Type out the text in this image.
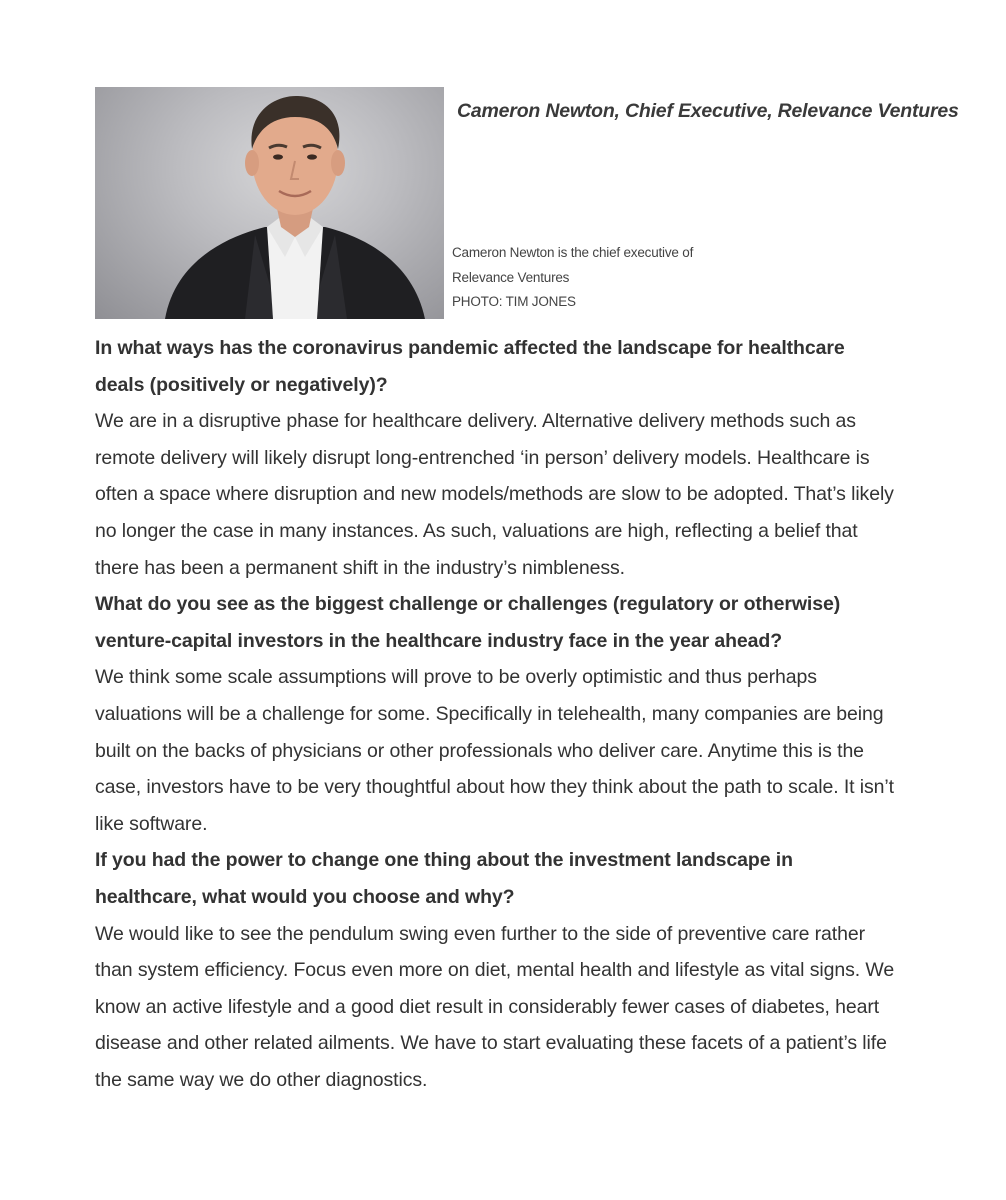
Cameron Newton, Chief Executive, Relevance Ventures
Cameron Newton is the chief executive of
Relevance Ventures
PHOTO: TIM JONES

In what ways has the coronavirus pandemic affected the landscape for healthcare deals (positively or negatively)?

We are in a disruptive phase for healthcare delivery. Alternative delivery methods such as remote delivery will likely disrupt long-entrenched ‘in person’ delivery models. Healthcare is often a space where disruption and new models/methods are slow to be adopted. That’s likely no longer the case in many instances. As such, valuations are high, reflecting a belief that there has been a permanent shift in the industry’s nimbleness.

What do you see as the biggest challenge or challenges (regulatory or otherwise) venture-capital investors in the healthcare industry face in the year ahead?

We think some scale assumptions will prove to be overly optimistic and thus perhaps valuations will be a challenge for some. Specifically in telehealth, many companies are being built on the backs of physicians or other professionals who deliver care. Anytime this is the case, investors have to be very thoughtful about how they think about the path to scale. It isn’t like software.

If you had the power to change one thing about the investment landscape in healthcare, what would you choose and why?

We would like to see the pendulum swing even further to the side of preventive care rather than system efficiency. Focus even more on diet, mental health and lifestyle as vital signs. We know an active lifestyle and a good diet result in considerably fewer cases of diabetes, heart disease and other related ailments. We have to start evaluating these facets of a patient’s life the same way we do other diagnostics.
